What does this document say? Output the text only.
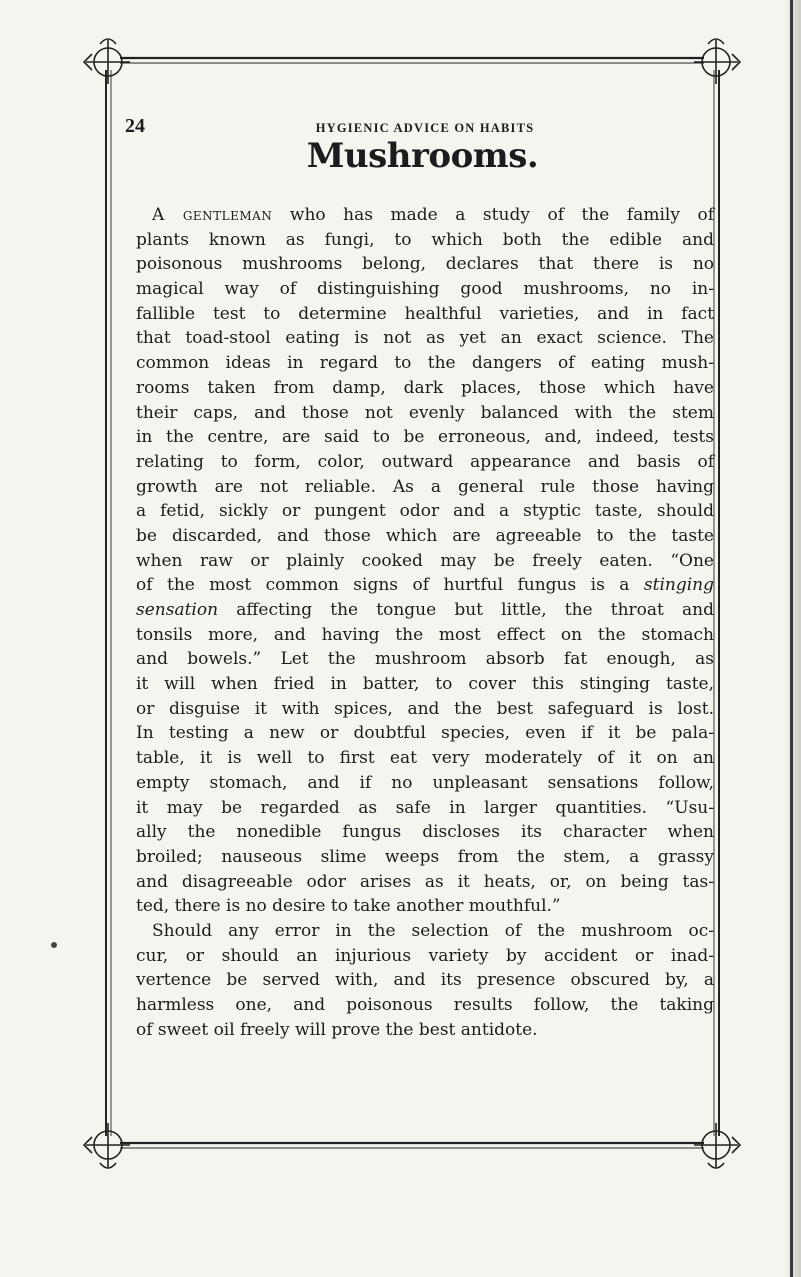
24	HYGIENIC ADVICE ON HABITS
Mushrooms.
A gentleman who has made a study of the family of
plants known as fungi, to which both the edible and
poisonous mushrooms belong, declares that there is no
magical way of distinguishing good mushrooms, no in-
fallible test to determine healthful varieties, and in fact
that toad-stool eating is not as yet an exact science. The
common ideas in regard to the dangers of eating mush-
rooms taken from damp, dark places, those which have
their caps, and those not evenly balanced with the stem
in the centre, are said to be erroneous, and, indeed, tests
relating to form, color, outward appearance and basis of
growth are not reliable. As a general rule those having
a fetid, sickly or pungent odor and a styptic taste, should
be discarded, and those which are agreeable to the taste
when raw or plainly cooked may be freely eaten. “One
of the most common signs of hurtful fungus is a stinging
sensation affecting the tongue but little, the throat and
tonsils more, and having the most effect on the stomach
and bowels.” Let the mushroom absorb fat enough, as
it will when fried in batter, to cover this stinging taste,
or disguise it with spices, and the best safeguard is lost.
In testing a new or doubtful species, even if it be pala-
table, it is well to first eat very moderately of it on an
empty stomach, and if no unpleasant sensations follow,
it may be regarded as safe in larger quantities. “Usu-
ally the nonedible fungus discloses its character when
broiled; nauseous slime weeps from the stem, a grassy
and disagreeable odor arises as it heats, or, on being tas-
ted, there is no desire to take another mouthful.”
Should any error in the selection of the mushroom oc-
cur, or should an injurious variety by accident or inad-
vertence be served with, and its presence obscured by, a
harmless one, and poisonous results follow, the taking
of sweet oil freely will prove the best antidote.
